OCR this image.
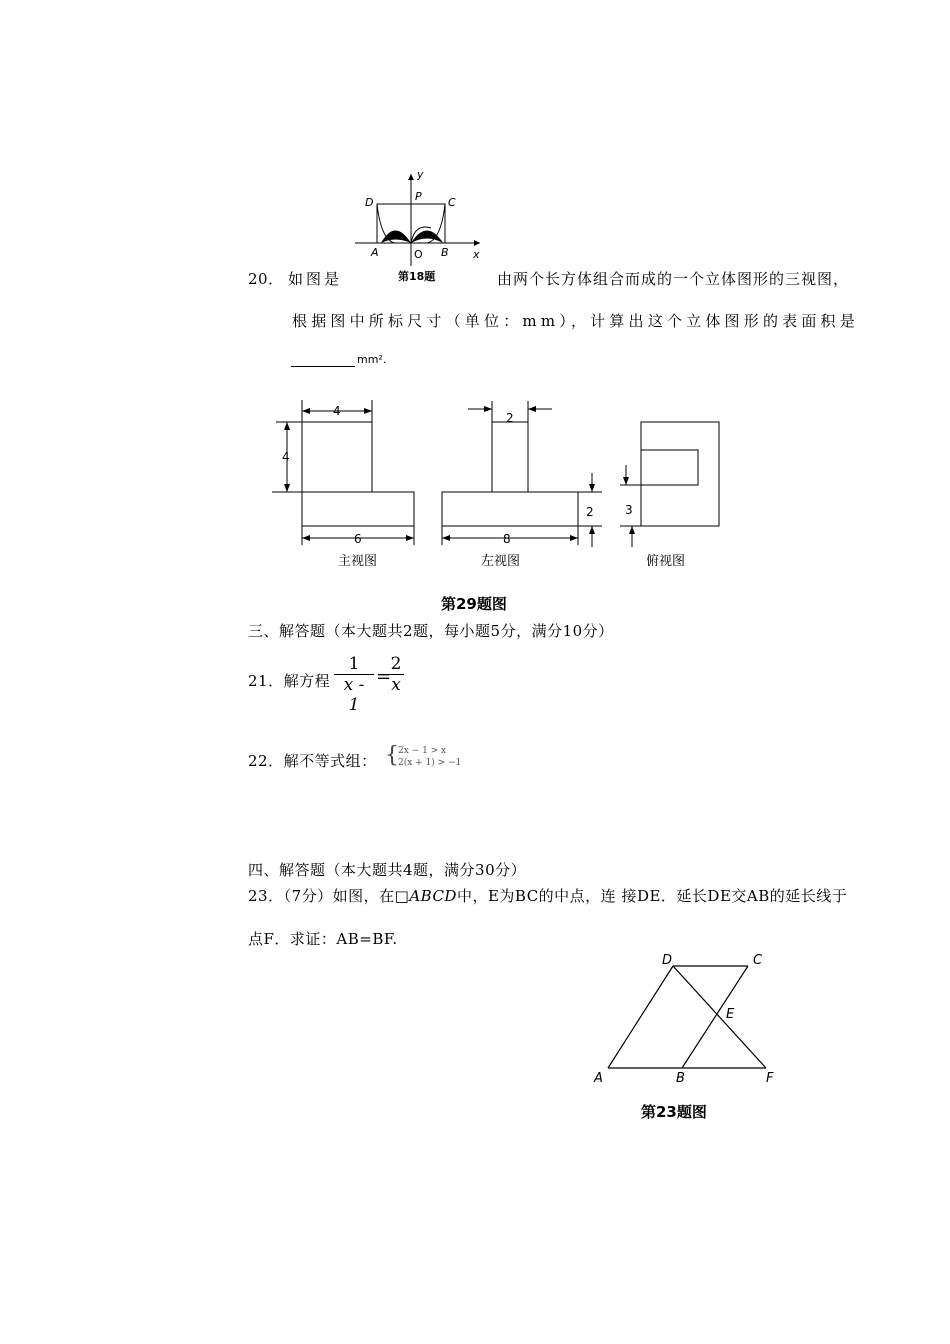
y
P
D	C
A	O B x
第18题
20． 如图是	由两个长方体组合而成的一个立体图形的三视图，
根据图中所标尺寸（单位：mm），计算出这个立体图形的表面积是
mm².
4
4
6
2
8
2	3
主视图	左视图	俯视图
第29题图
三、解答题（本大题共2题，每小题5分，满分10分）
21．解方程
1
x - 1
=
2
x
22．解不等式组： { 2x − 1 > x
2(x + 1) > −1
四、解答题（本大题共4题，满分30分）
23．（7分）如图，在□ABCD中，E为BC的中点，连 接DE．延长DE交AB的延长线于
点F．求证：AB=BF.
D	C
E
A	B	F
第23题图
